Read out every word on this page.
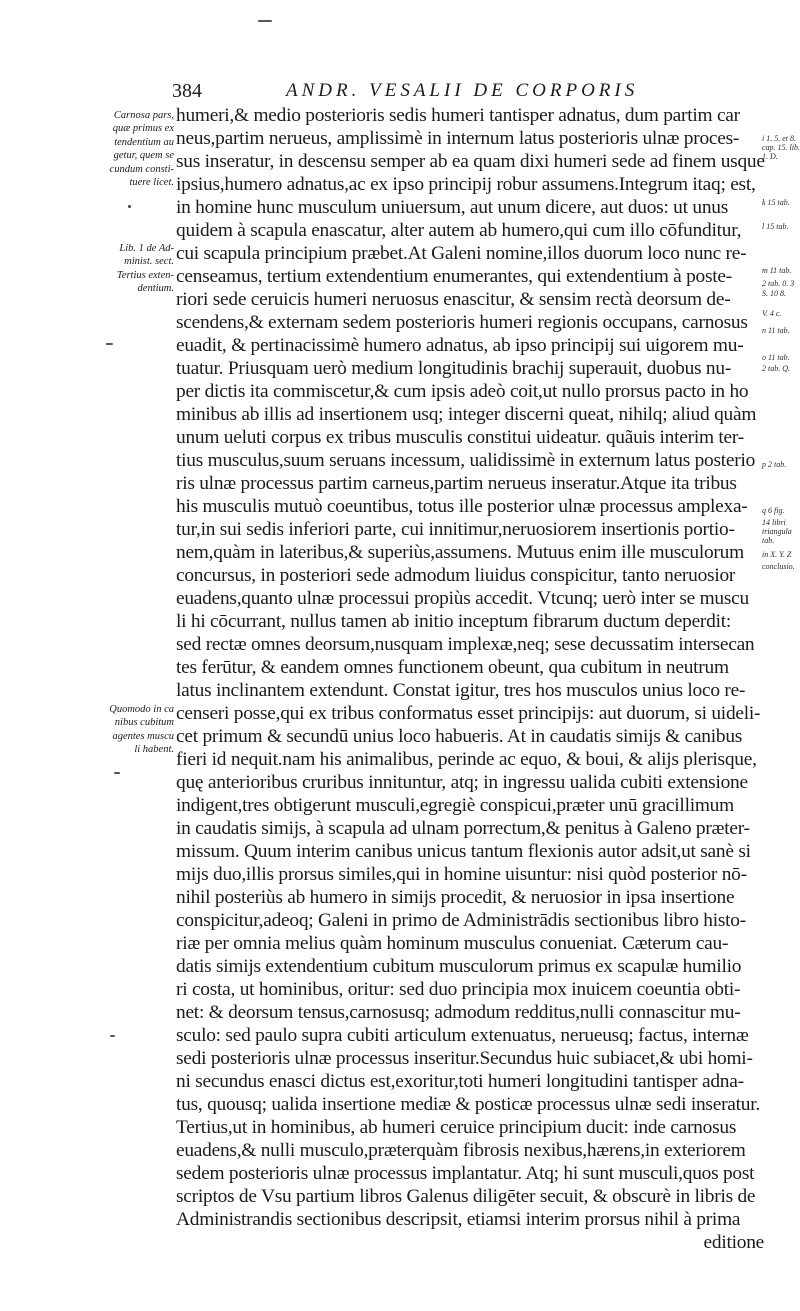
384	ANDR. VESALII DE CORPORIS
Carnosa pars,
quæ primus ex
tendentium au
getur, quem se
cundum consti-
tuere licet.
Lib. 1 de Ad-
minist. sect.
Tertius exten-
dentium.
Quomodo in ca
nibus cubitum
agentes muscu
li habent.
i 1. 5. et 8.
cap. 15. lib.
1. D.
k 15 tab.
l 15 tab.
m 11 tab.
2 tab. 0. 3
S. 10 8.
V. 4 c.
n 11 tab.
o 11 tab.
2 tab. Q.
p 2 tab.
q 6 fig.
14 libri
triangula
tab.
in X. Y. Z
conclusio.
humeri,& medio posterioris sedis humeri tantisper adnatus, dum partim car
neus,partim nerueus, amplissimè in internum latus posterioris ulnæ proces-
sus inseratur, in descensu semper ab ea quam dixi humeri sede ad finem usque
ipsius,humero adnatus,ac ex ipso principij robur assumens.Integrum itaq; est,
in homine hunc musculum uniuersum, aut unum dicere, aut duos: ut unus
quidem à scapula enascatur, alter autem ab humero,qui cum illo cōfunditur,
cui scapula principium præbet.At Galeni nomine,illos duorum loco nunc re-
censeamus, tertium extendentium enumerantes, qui extendentium à poste-
riori sede ceruicis humeri neruosus enascitur, & sensim rectà deorsum de-
scendens,& externam sedem posterioris humeri regionis occupans, carnosus
euadit, & pertinacissimè humero adnatus, ab ipso principij sui uigorem mu-
tuatur. Priusquam uerò medium longitudinis brachij superauit, duobus nu-
per dictis ita commiscetur,& cum ipsis adeò coit,ut nullo prorsus pacto in ho
minibus ab illis ad insertionem usq; integer discerni queat, nihilq; aliud quàm
unum ueluti corpus ex tribus musculis constitui uideatur. quãuis interim ter-
tius musculus,suum seruans incessum, ualidissimè in externum latus posterio
ris ulnæ processus partim carneus,partim nerueus inseratur.Atque ita tribus
his musculis mutuò coeuntibus, totus ille posterior ulnæ processus amplexa-
tur,in sui sedis inferiori parte, cui innitimur,neruosiorem insertionis portio-
nem,quàm in lateribus,& superiùs,assumens. Mutuus enim ille musculorum
concursus, in posteriori sede admodum liuidus conspicitur, tanto neruosior
euadens,quanto ulnæ processui propiùs accedit. Vtcunq; uerò inter se muscu
li hi cōcurrant, nullus tamen ab initio inceptum fibrarum ductum deperdit:
sed rectæ omnes deorsum,nusquam implexæ,neq; sese decussatim intersecan
tes ferūtur, & eandem omnes functionem obeunt, qua cubitum in neutrum
latus inclinantem extendunt. Constat igitur, tres hos musculos unius loco re-
censeri posse,qui ex tribus conformatus esset principijs: aut duorum, si uideli-
cet primum & secundū unius loco habueris. At in caudatis simijs & canibus
fieri id nequit.nam his animalibus, perinde ac equo, & boui, & alijs plerisque,
quę anterioribus cruribus innituntur, atq; in ingressu ualida cubiti extensione
indigent,tres obtigerunt musculi,egregiè conspicui,præter unū gracillimum
in caudatis simijs, à scapula ad ulnam porrectum,& penitus à Galeno præter-
missum. Quum interim canibus unicus tantum flexionis autor adsit,ut sanè si
mijs duo,illis prorsus similes,qui in homine uisuntur: nisi quòd posterior nō-
nihil posteriùs ab humero in simijs procedit, & neruosior in ipsa insertione
conspicitur,adeoq; Galeni in primo de Administrādis sectionibus libro histo-
riæ per omnia melius quàm hominum musculus conueniat. Cæterum cau-
datis simijs extendentium cubitum musculorum primus ex scapulæ humilio
ri costa, ut hominibus, oritur: sed duo principia mox inuicem coeuntia obti-
net: & deorsum tensus,carnosusq; admodum redditus,nulli connascitur mu-
sculo: sed paulo supra cubiti articulum extenuatus, nerueusq; factus, internæ
sedi posterioris ulnæ processus inseritur.Secundus huic subiacet,& ubi homi-
ni secundus enasci dictus est,exoritur,toti humeri longitudini tantisper adna-
tus, quousq; ualida insertione mediæ & posticæ processus ulnæ sedi inseratur.
Tertius,ut in hominibus, ab humeri ceruice principium ducit: inde carnosus
euadens,& nulli musculo,præterquàm fibrosis nexibus,hærens,in exteriorem
sedem posterioris ulnæ processus implantatur. Atq; hi sunt musculi,quos post
scriptos de Vsu partium libros Galenus diligēter secuit, & obscurè in libris de
Administrandis sectionibus descripsit, etiamsi interim prorsus nihil à prima
editione
